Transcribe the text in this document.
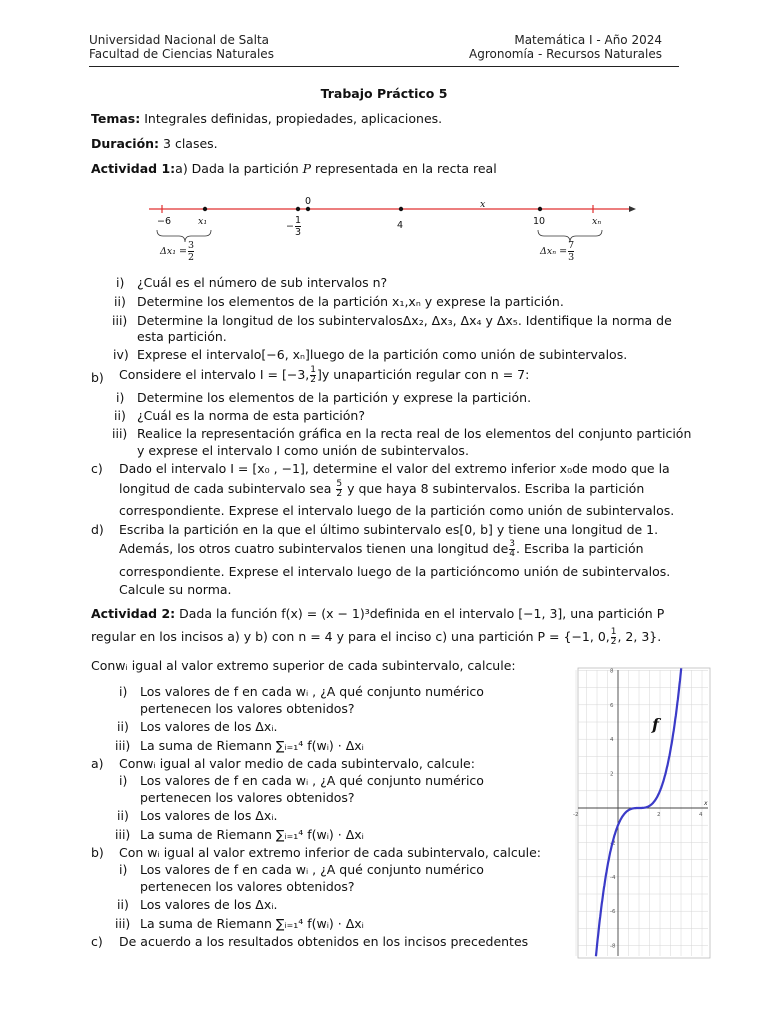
Universidad Nacional de Salta
Facultad de Ciencias Naturales
Matemática I - Año 2024
Agronomía - Recursos Naturales
Trabajo Práctico 5
Temas: Integrales definidas, propiedades, aplicaciones.
Duración: 3 clases.
Actividad 1:a) Dada la partición P representada en la recta real
x
0
−6	x₁	4	10	xₙ
− $\frac{1}{3}$
$\Delta x_1 = \frac{3}{2}$	$\Delta x_n = \frac{7}{3}$
i) ¿Cuál es el número de sub intervalos n?
ii) Determine los elementos de la partición x₁,xₙ y exprese la partición.
iii) Determine la longitud de los subintervalosΔx₂, Δx₃, Δx₄ y Δx₅. Identifique la norma de
esta partición.
iv) Exprese el intervalo[−6, xₙ]luego de la partición como unión de subintervalos.
b) Considere el intervalo I = [−3, $\frac{1}{2} ]y$ unapartición regular con n = 7:
i) Determine los elementos de la partición y exprese la partición.
ii) ¿Cuál es la norma de esta partición?
iii) Realice la representación gráfica en la recta real de los elementos del conjunto partición
y exprese el intervalo I como unión de subintervalos.
c) Dado el intervalo I = [x₀ , −1], determine el valor del extremo inferior x₀de modo que la
longitud de cada subintervalo sea $\frac{5}{2}$ y que haya 8 subintervalos. Escriba la partición
correspondiente. Exprese el intervalo luego de la partición como unión de subintervalos.
d) Escriba la partición en la que el último subintervalo es[0, b] y tiene una longitud de 1.
Además, los otros cuatro subintervalos tienen una longitud de $\frac{3}{4}$ . Escriba la partición
correspondiente. Exprese el intervalo luego de la particióncomo unión de subintervalos.
Calcule su norma.
Actividad 2: Dada la función f(x) = (x − 1)³definida en el intervalo [−1, 3], una partición P
regular en los incisos a) y b) con n = 4 y para el inciso c) una partición P = {−1, 0, $\frac{1}{2}$ , 2, 3}.
Conwᵢ igual al valor extremo superior de cada subintervalo, calcule:
i) Los valores de f en cada wᵢ , ¿A qué conjunto numérico
pertenecen los valores obtenidos?
ii) Los valores de los Δxᵢ.
iii) La suma de Riemann ∑ᵢ₌₁⁴ f(wᵢ) · Δxᵢ
a) Conwᵢ igual al valor medio de cada subintervalo, calcule:
i) Los valores de f en cada wᵢ , ¿A qué conjunto numérico
pertenecen los valores obtenidos?
ii) Los valores de los Δxᵢ.
iii) La suma de Riemann ∑ᵢ₌₁⁴ f(wᵢ) · Δxᵢ
b) Con wᵢ igual al valor extremo inferior de cada subintervalo, calcule:
i) Los valores de f en cada wᵢ , ¿A qué conjunto numérico
pertenecen los valores obtenidos?
ii) Los valores de los Δxᵢ.
iii) La suma de Riemann ∑ᵢ₌₁⁴ f(wᵢ) · Δxᵢ
c) De acuerdo a los resultados obtenidos en los incisos precedentes
-2	2	4
8
6
4
2
-2
-4
-6
-8
x
f
